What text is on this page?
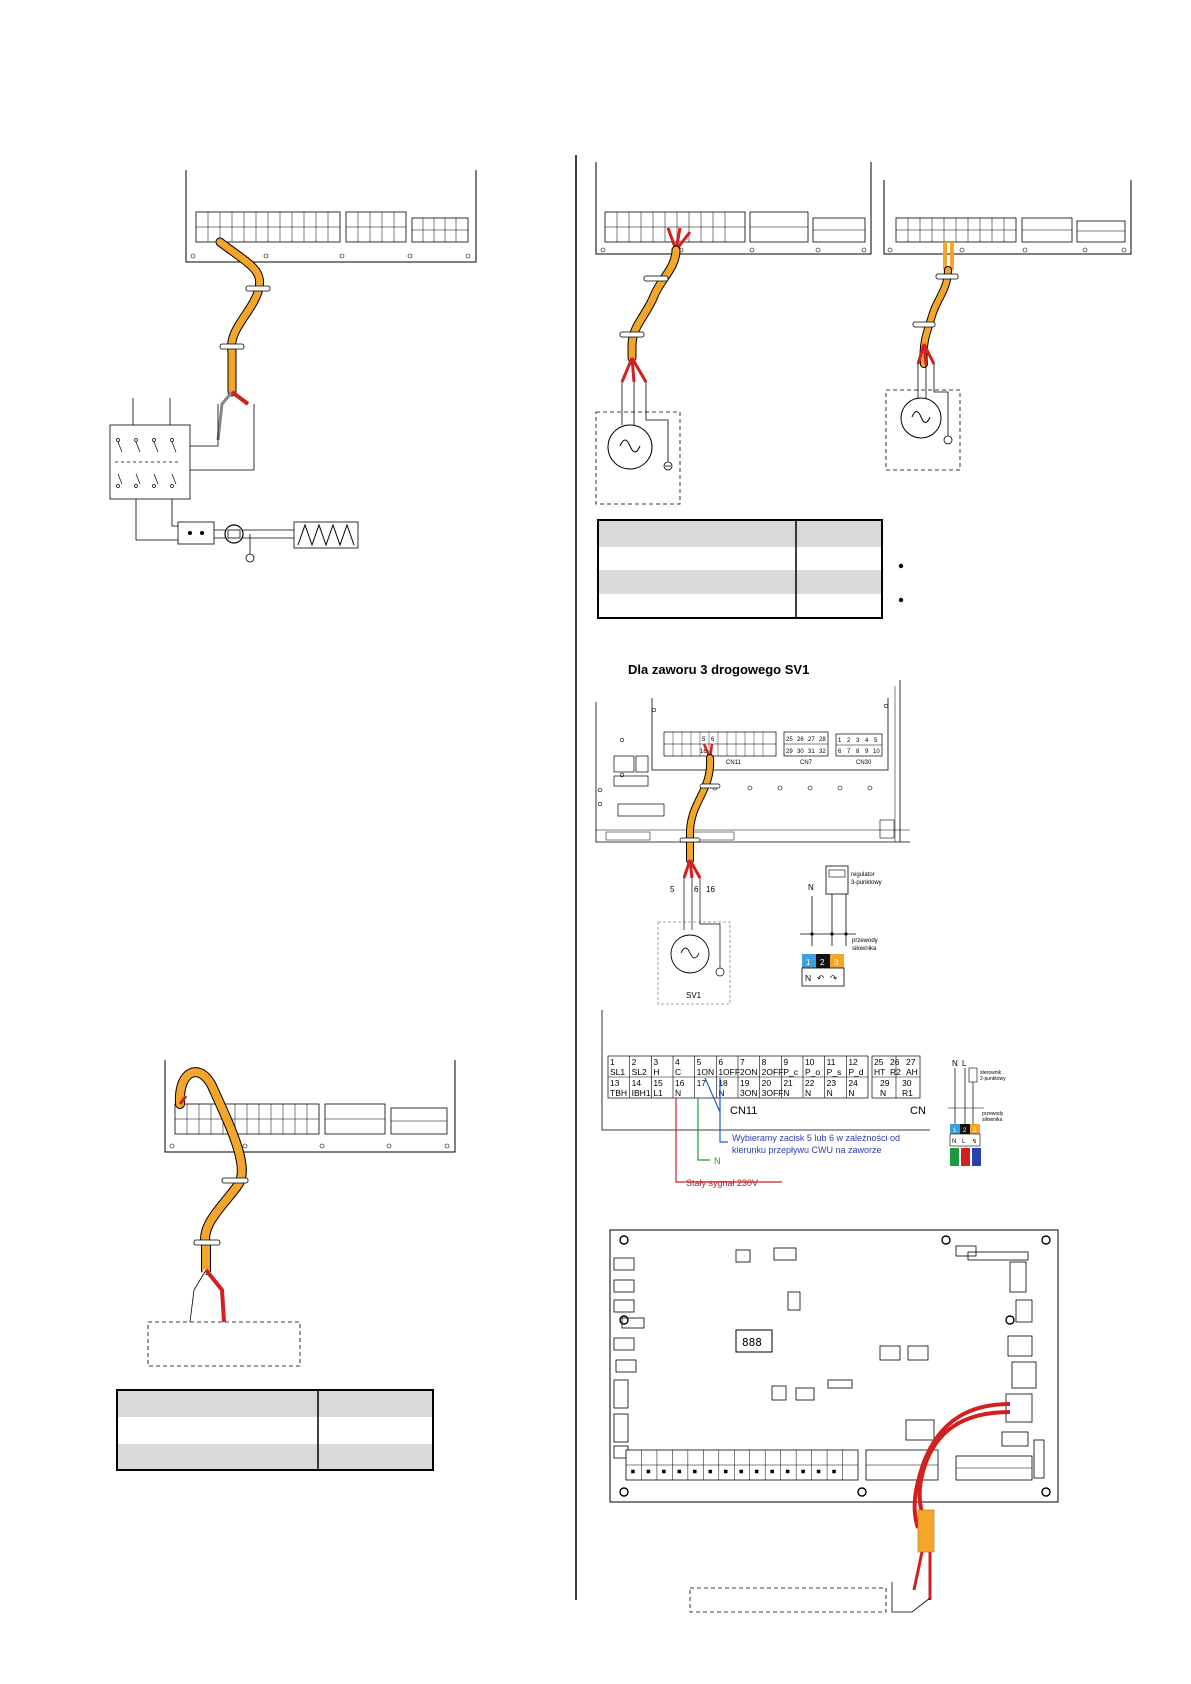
Dla zaworu 3 drogowego SV1
5 6
16
CN11
25 26 27 28
29 30 31 32
CN7
1 2 3 4 5
6 7 8 9 10
CN30
5 6 16
SV1
regulator
3-punktowy
N
przewody
siłownika
1 2 3
N ↶ ↷
1
SL1
13
TBH
2
SL2
14
IBH1
3
H
15
L1
4
C
16
N
5
1ON
17
6
1OFF
18
N
7
2ON
19
3ON
8
2OFF
20
3OFF
9
P_c
21
N
10
P_o
22
N
11
P_s
23
N
12
P_d
24
N
25
HT
26
R2
27
AH
29
N
30
R1
CN11	CN
Wybieramy zacisk 5 lub 6 w zależności od
kierunku przepływu CWU na zaworze
N
Stały sygnał 230V
N L
sterownik
2-punktowy
przewody
siłownika
1 2 3
N L ↯
888
